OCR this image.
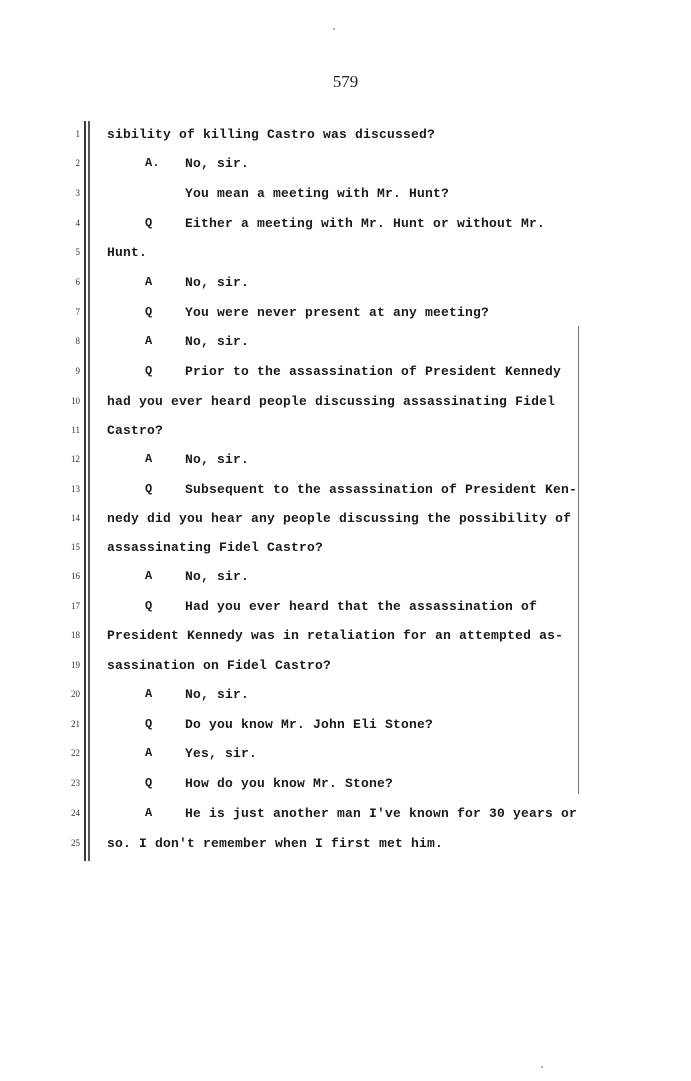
579
1 sibility of killing Castro was discussed?
2	A. No, sir.
3	You mean a meeting with Mr. Hunt?
4	Q	Either a meeting with Mr. Hunt or without Mr.
5 Hunt.
6	A	No, sir.
7	Q	You were never present at any meeting?
8	A	No, sir.
9	Q	Prior to the assassination of President Kennedy
10 had you ever heard people discussing assassinating Fidel
11 Castro?
12	A	No, sir.
13	Q	Subsequent to the assassination of President Ken-
14 nedy did you hear any people discussing the possibility of
15 assassinating Fidel Castro?
16	A	No, sir.
17	Q	Had you ever heard that the assassination of
18 President Kennedy was in retaliation for an attempted as-
19 sassination on Fidel Castro?
20	A	No, sir.
21	Q	Do you know Mr. John Eli Stone?
22	A	Yes, sir.
23	Q	How do you know Mr. Stone?
24	A	He is just another man I've known for 30 years or
25 so. I don't remember when I first met him.
